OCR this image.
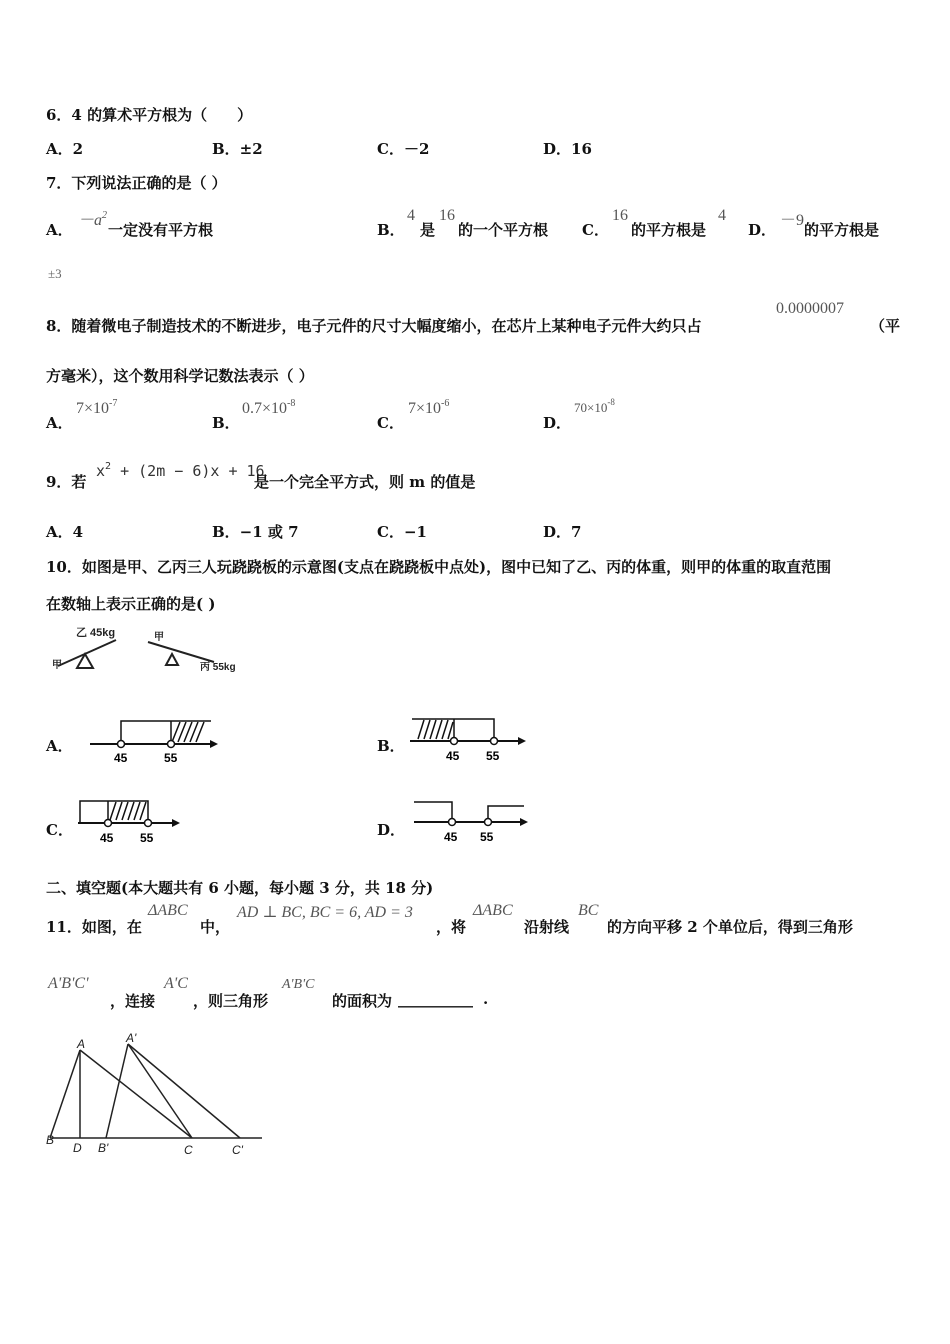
6．4 的算术平方根为（　　）
A．2	B．±2	C．－2	D．16
7．下列说法正确的是（ ）
A．
$-a^2$
一定没有平方根	B．
4
是
16
的一个平方根 C．
16
的平方根是
4
D．
－9
的平方根是
±3
8．随着微电子制造技术的不断进步，电子元件的尺寸大幅度缩小，在芯片上某种电子元件大约只占
0.0000007
（平
方毫米），这个数用科学记数法表示（ ）
A．
$7\times 10^{-7}$
B．
$0.7\times 10^{-8}$
C．
$7\times 10^{-6}$
D．
$70\times 10^{-8}$
9．若
$x^2 + (2m - 6)x + 16$
是一个完全平方式，则 m 的值是
A．4	B．−1 或 7	C．−1	D．7
10．如图是甲、乙丙三人玩跷跷板的示意图(支点在跷跷板中点处)，图中已知了乙、丙的体重，则甲的体重的取直范围
在数轴上表示正确的是( )
乙 45kg
甲
甲
丙 55kg
A．
45	55
B．
45 55
C． 45 55	D．	45 55
二、填空题(本大题共有 6 小题，每小题 3 分，共 18 分)
11．如图，在
ΔABC
中，
AD ⊥ BC, BC = 6, AD = 3
，将
ΔABC
沿射线
BC
的方向平移 2 个单位后，得到三角形
A'B'C'
，连接
A'C
，则三角形
A'B'C
的面积为 __________ .
A	A'
B
D B'	C	C'
